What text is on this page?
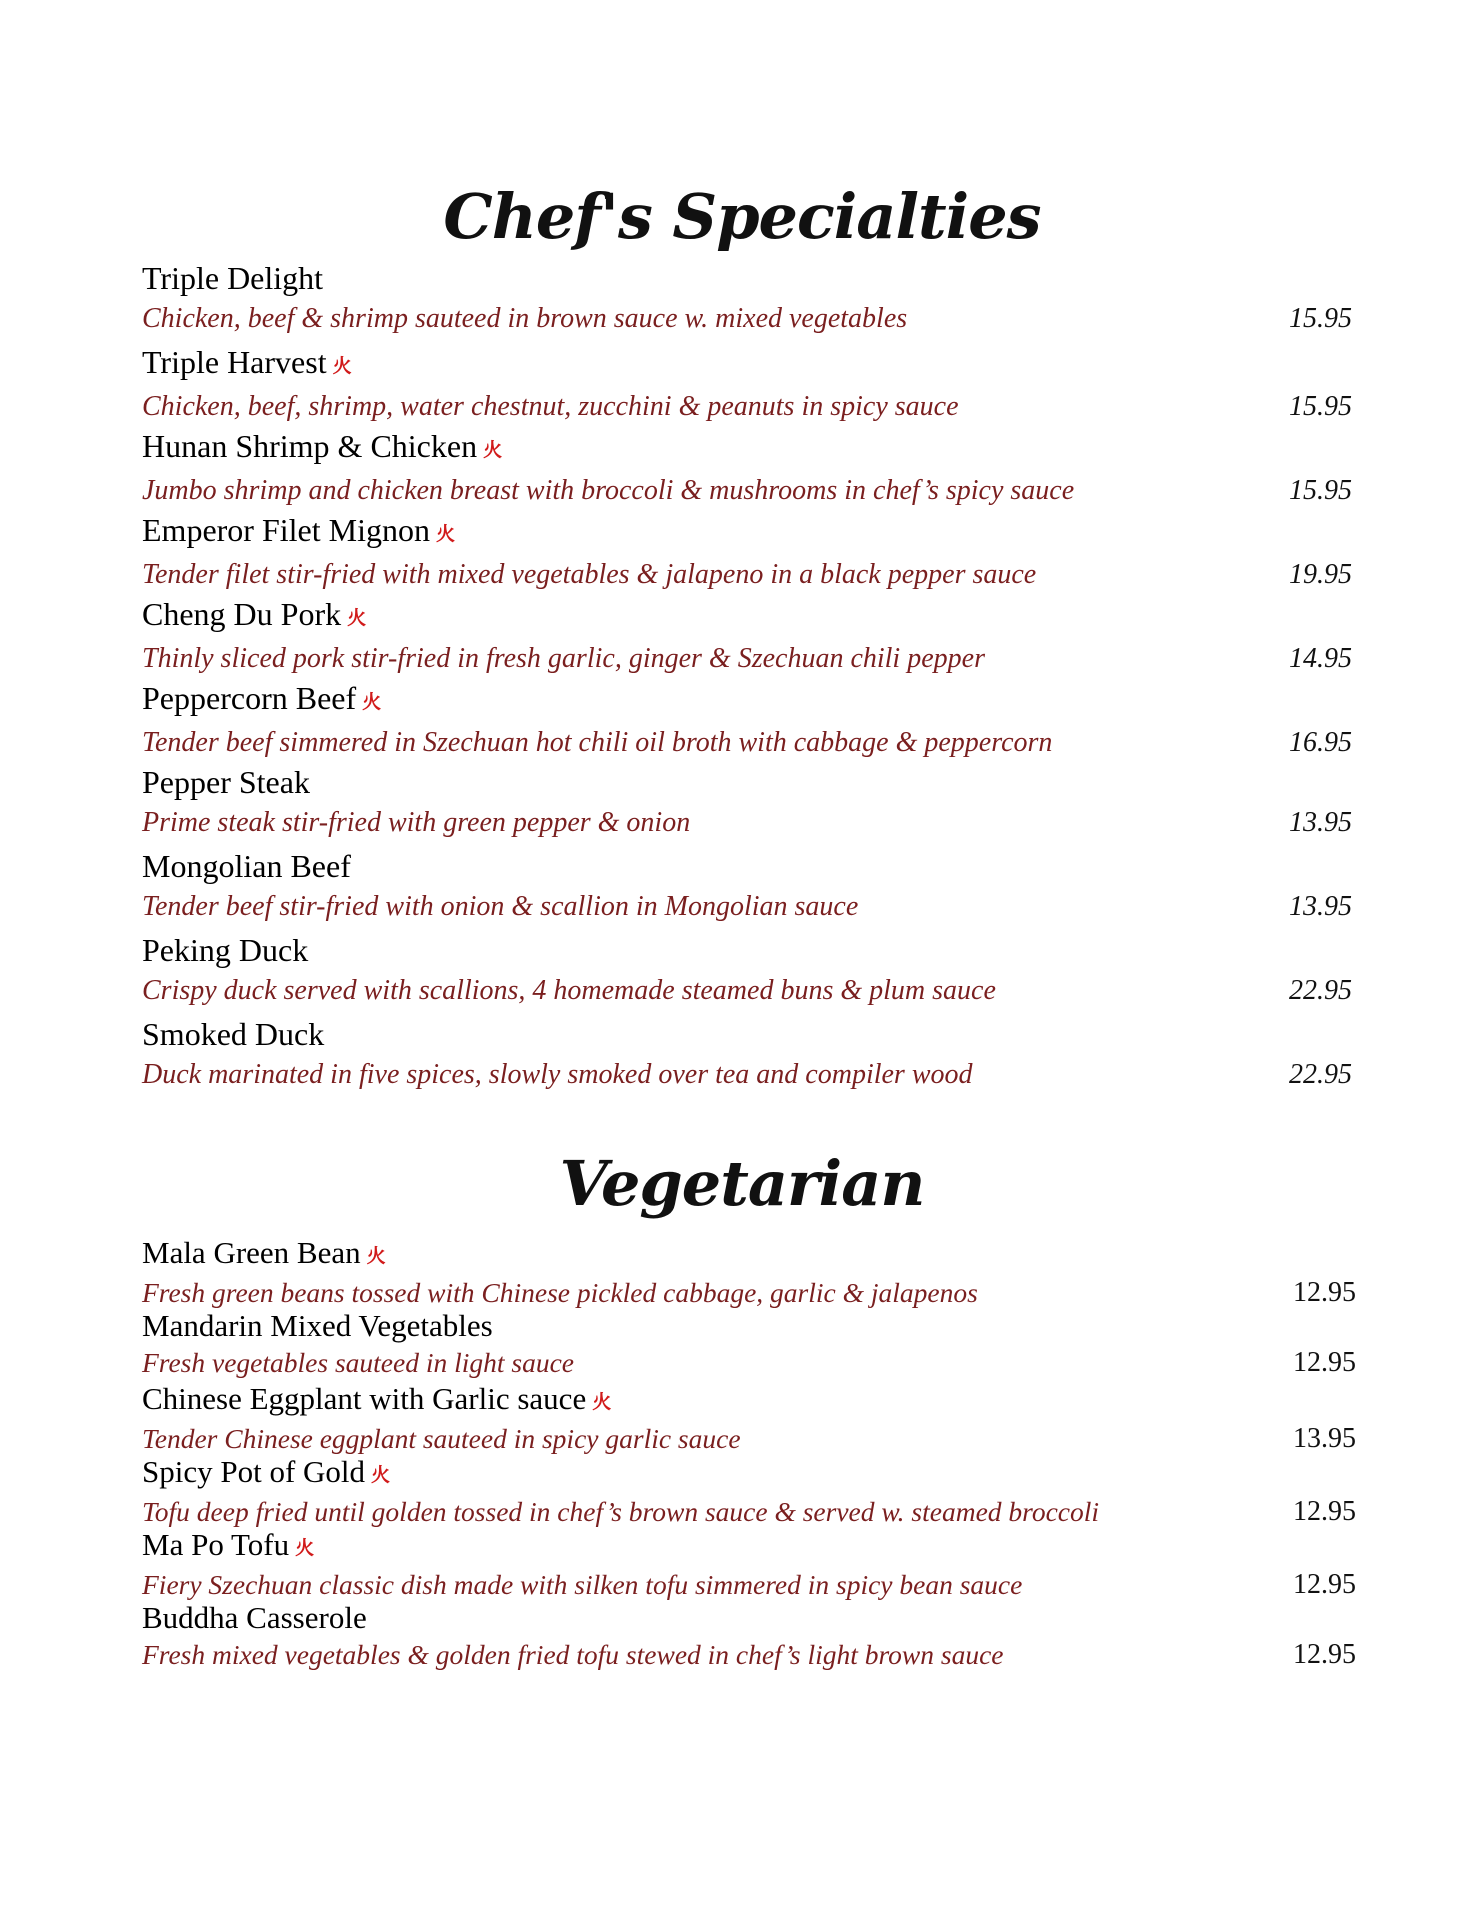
Chef's Specialties
Triple Delight
Chicken, beef & shrimp sauteed in brown sauce w. mixed vegetables	15.95
Triple Harvest 火
Chicken, beef, shrimp, water chestnut, zucchini & peanuts in spicy sauce	15.95
Hunan Shrimp & Chicken 火
Jumbo shrimp and chicken breast with broccoli & mushrooms in chef’s spicy sauce	15.95
Emperor Filet Mignon 火
Tender filet stir-fried with mixed vegetables & jalapeno in a black pepper sauce	19.95
Cheng Du Pork 火
Thinly sliced pork stir-fried in fresh garlic, ginger & Szechuan chili pepper	14.95
Peppercorn Beef 火
Tender beef simmered in Szechuan hot chili oil broth with cabbage & peppercorn	16.95
Pepper Steak
Prime steak stir-fried with green pepper & onion	13.95
Mongolian Beef
Tender beef stir-fried with onion & scallion in Mongolian sauce	13.95
Peking Duck
Crispy duck served with scallions, 4 homemade steamed buns & plum sauce	22.95
Smoked Duck
Duck marinated in five spices, slowly smoked over tea and compiler wood	22.95
Vegetarian
Mala Green Bean 火
Fresh green beans tossed with Chinese pickled cabbage, garlic & jalapenos	12.95
Mandarin Mixed Vegetables
Fresh vegetables sauteed in light sauce	12.95
Chinese Eggplant with Garlic sauce 火
Tender Chinese eggplant sauteed in spicy garlic sauce	13.95
Spicy Pot of Gold 火
Tofu deep fried until golden tossed in chef’s brown sauce & served w. steamed broccoli	12.95
Ma Po Tofu 火
Fiery Szechuan classic dish made with silken tofu simmered in spicy bean sauce	12.95
Buddha Casserole
Fresh mixed vegetables & golden fried tofu stewed in chef’s light brown sauce	12.95
